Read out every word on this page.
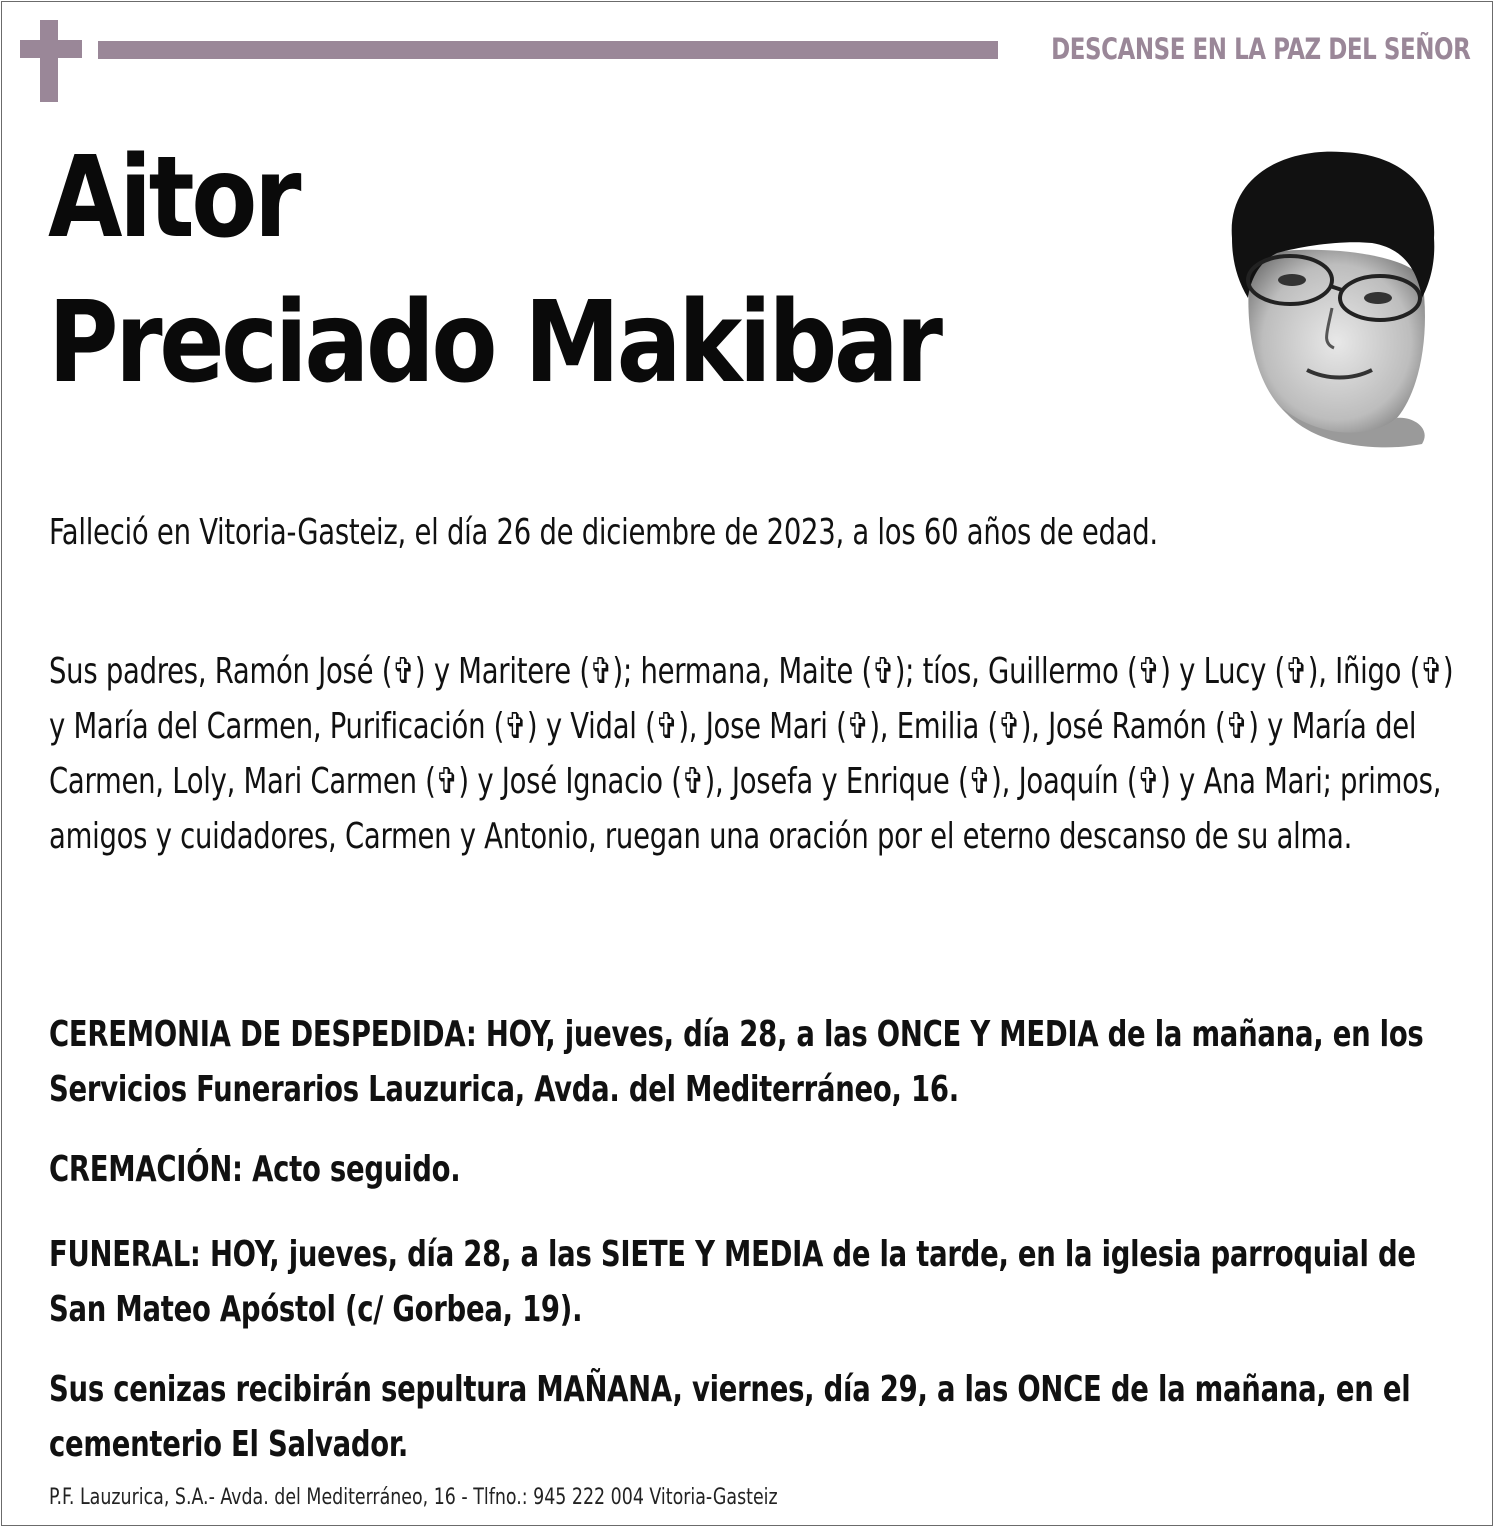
DESCANSE EN LA PAZ DEL SEÑOR
Aitor
Preciado Makibar

Falleció en Vitoria-Gasteiz, el día 26 de diciembre de 2023, a los 60 años de edad.

Sus padres, Ramón José (✞) y Maritere (✞); hermana, Maite (✞); tíos, Guillermo (✞) y Lucy (✞), Iñigo (✞) y María del Carmen, Purificación (✞) y Vidal (✞), Jose Mari (✞), Emilia (✞), José Ramón (✞) y María del Carmen, Loly, Mari Carmen (✞) y José Ignacio (✞), Josefa y Enrique (✞), Joaquín (✞) y Ana Mari; primos, amigos y cuidadores, Carmen y Antonio, ruegan una oración por el eterno descanso de su alma.

CEREMONIA DE DESPEDIDA: HOY, jueves, día 28, a las ONCE Y MEDIA de la mañana, en los Servicios Funerarios Lauzurica, Avda. del Mediterráneo, 16.

CREMACIÓN: Acto seguido.

FUNERAL: HOY, jueves, día 28, a las SIETE Y MEDIA de la tarde, en la iglesia parroquial de San Mateo Apóstol (c/ Gorbea, 19).

Sus cenizas recibirán sepultura MAÑANA, viernes, día 29, a las ONCE de la mañana, en el cementerio El Salvador.

P.F. Lauzurica, S.A.- Avda. del Mediterráneo, 16 - Tlfno.: 945 222 004 Vitoria-Gasteiz
